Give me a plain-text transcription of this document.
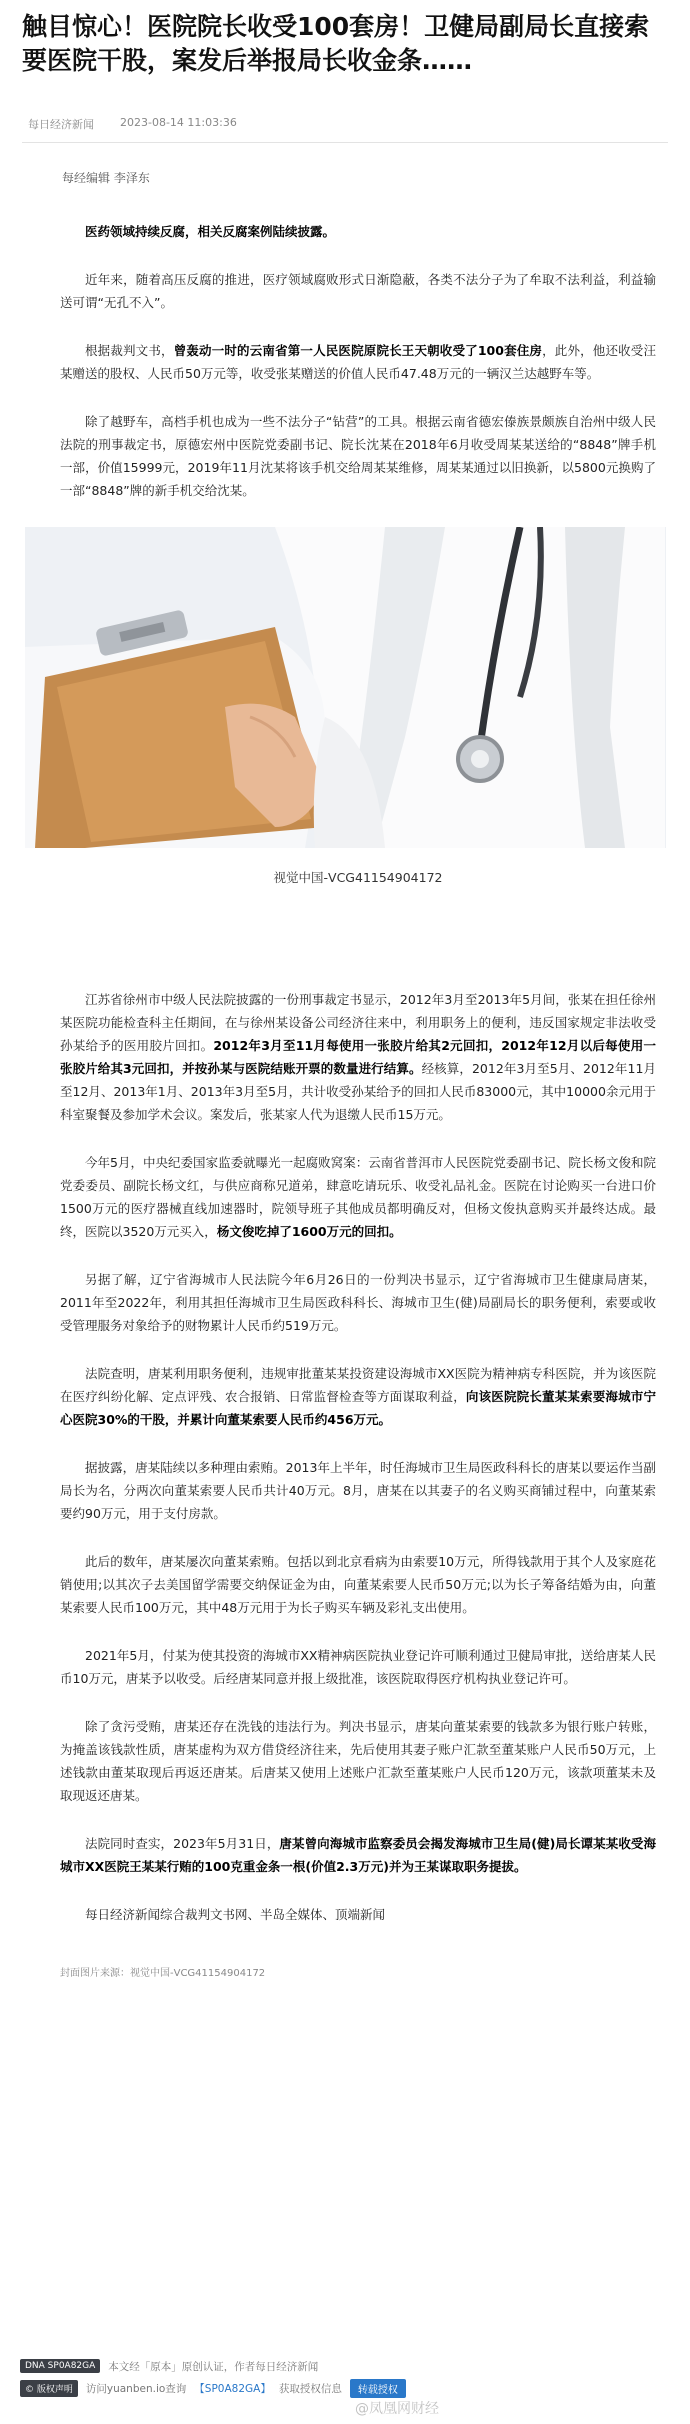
触目惊心！医院院长收受100套房！卫健局副局长直接索要医院干股，案发后举报局长收金条……
每日经济新闻 2023-08-14 11:03:36
每经编辑 李泽东
医药领域持续反腐，相关反腐案例陆续披露。
近年来，随着高压反腐的推进，医疗领域腐败形式日渐隐蔽，各类不法分子为了牟取不法利益，利益输送可谓“无孔不入”。
根据裁判文书，曾轰动一时的云南省第一人民医院原院长王天朝收受了100套住房，此外，他还收受汪某赠送的股权、人民币50万元等，收受张某赠送的价值人民币47.48万元的一辆汉兰达越野车等。
除了越野车，高档手机也成为一些不法分子“钻营”的工具。根据云南省德宏傣族景颇族自治州中级人民法院的刑事裁定书，原德宏州中医院党委副书记、院长沈某在2018年6月收受周某某送给的“8848”牌手机一部，价值15999元，2019年11月沈某将该手机交给周某某维修，周某某通过以旧换新，以5800元换购了一部“8848”牌的新手机交给沈某。
视觉中国-VCG41154904172
江苏省徐州市中级人民法院披露的一份刑事裁定书显示，2012年3月至2013年5月间，张某在担任徐州某医院功能检查科主任期间，在与徐州某设备公司经济往来中，利用职务上的便利，违反国家规定非法收受孙某给予的医用胶片回扣。2012年3月至11月每使用一张胶片给其2元回扣，2012年12月以后每使用一张胶片给其3元回扣，并按孙某与医院结账开票的数量进行结算。经核算，2012年3月至5月、2012年11月至12月、2013年1月、2013年3月至5月，共计收受孙某给予的回扣人民币83000元，其中10000余元用于科室聚餐及参加学术会议。案发后，张某家人代为退缴人民币15万元。
今年5月，中央纪委国家监委就曝光一起腐败窝案：云南省普洱市人民医院党委副书记、院长杨文俊和院党委委员、副院长杨文红，与供应商称兄道弟，肆意吃请玩乐、收受礼品礼金。医院在讨论购买一台进口价1500万元的医疗器械直线加速器时，院领导班子其他成员都明确反对，但杨文俊执意购买并最终达成。最终，医院以3520万元买入，杨文俊吃掉了1600万元的回扣。
另据了解，辽宁省海城市人民法院今年6月26日的一份判决书显示，辽宁省海城市卫生健康局唐某，2011年至2022年，利用其担任海城市卫生局医政科科长、海城市卫生(健)局副局长的职务便利，索要或收受管理服务对象给予的财物累计人民币约519万元。
法院查明，唐某利用职务便利，违规审批董某某投资建设海城市XX医院为精神病专科医院，并为该医院在医疗纠纷化解、定点评残、农合报销、日常监督检查等方面谋取利益，向该医院院长董某某索要海城市宁心医院30%的干股，并累计向董某索要人民币约456万元。
据披露，唐某陆续以多种理由索贿。2013年上半年，时任海城市卫生局医政科科长的唐某以要运作当副局长为名，分两次向董某索要人民币共计40万元。8月，唐某在以其妻子的名义购买商铺过程中，向董某索要约90万元，用于支付房款。
此后的数年，唐某屡次向董某索贿。包括以到北京看病为由索要10万元，所得钱款用于其个人及家庭花销使用;以其次子去美国留学需要交纳保证金为由，向董某索要人民币50万元;以为长子筹备结婚为由，向董某索要人民币100万元，其中48万元用于为长子购买车辆及彩礼支出使用。
2021年5月，付某为使其投资的海城市XX精神病医院执业登记许可顺利通过卫健局审批，送给唐某人民币10万元，唐某予以收受。后经唐某同意并报上级批准，该医院取得医疗机构执业登记许可。
除了贪污受贿，唐某还存在洗钱的违法行为。判决书显示，唐某向董某索要的钱款多为银行账户转账，为掩盖该钱款性质，唐某虚构为双方借贷经济往来，先后使用其妻子账户汇款至董某账户人民币50万元，上述钱款由董某取现后再返还唐某。后唐某又使用上述账户汇款至董某账户人民币120万元，该款项董某未及取现返还唐某。
法院同时查实，2023年5月31日，唐某曾向海城市监察委员会揭发海城市卫生局(健)局长谭某某收受海城市XX医院王某某行贿的100克重金条一根(价值2.3万元)并为王某谋取职务提拔。
每日经济新闻综合裁判文书网、半岛全媒体、顶端新闻
封面图片来源：视觉中国-VCG41154904172
DNA SP0A82GA	本文经「原本」原创认证，作者每日经济新闻
© 版权声明	访问yuanben.io查询 【SP0A82GA】 获取授权信息	转载授权
@凤凰网财经
